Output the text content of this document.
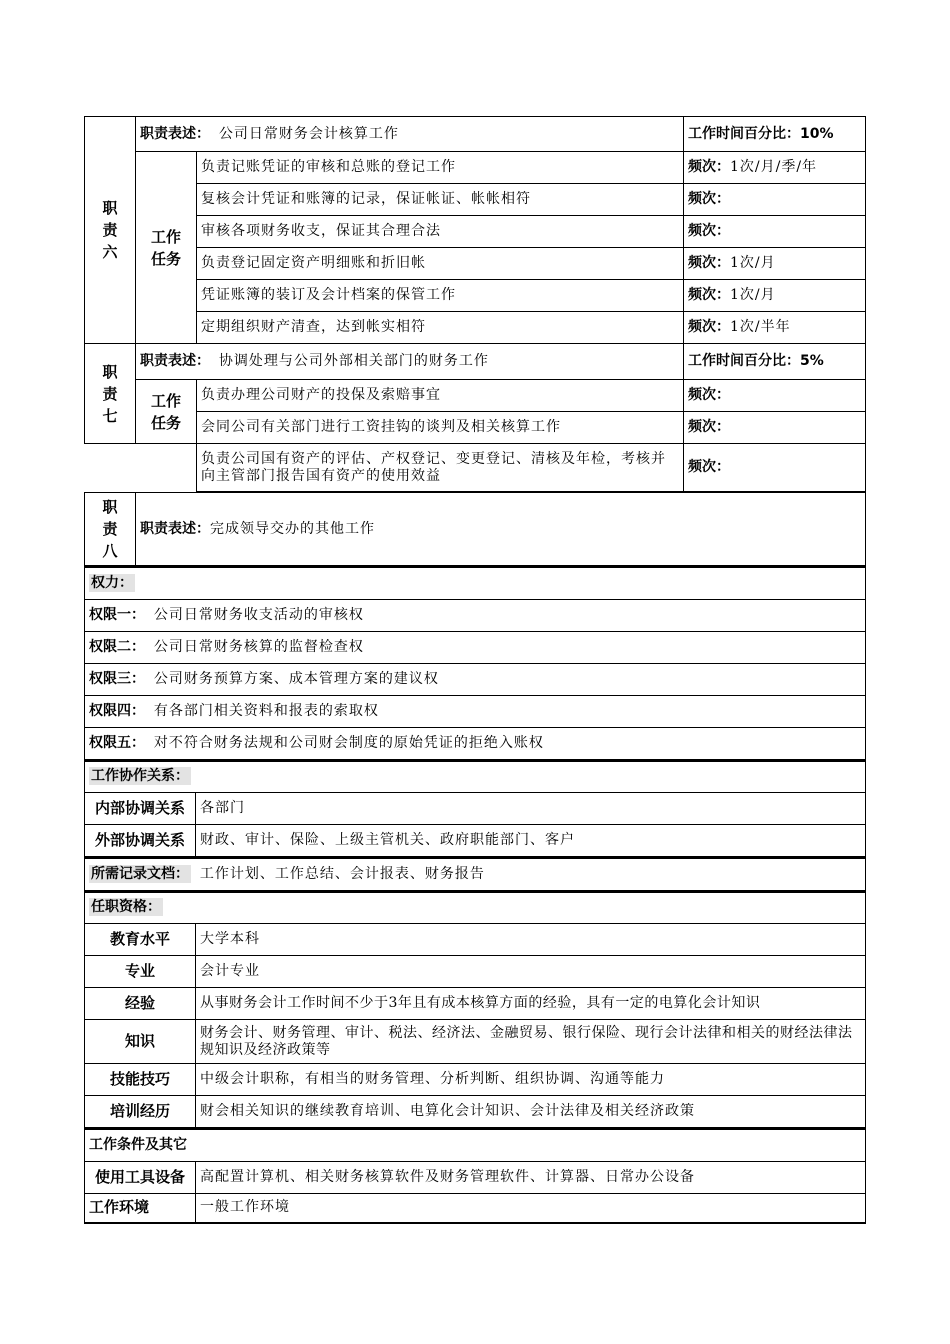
职
责
六	职责表述： 公司日常财务会计核算工作		工作时间百分比：10%
	工作
任务	负责记账凭证的审核和总账的登记工作	频次：1次/月/季/年
		复核会计凭证和账簿的记录，保证帐证、帐帐相符	频次：
		审核各项财务收支，保证其合理合法	频次：
		负责登记固定资产明细账和折旧帐	频次：1次/月
		凭证账簿的装订及会计档案的保管工作	频次：1次/月
		定期组织财产清查，达到帐实相符	频次：1次/半年
职
责
七	职责表述： 协调处理与公司外部相关部门的财务工作		工作时间百分比：5%
	工作
任务	负责办理公司财产的投保及索赔事宜	频次：
		会同公司有关部门进行工资挂钩的谈判及相关核算工作	频次：
		负责公司国有资产的评估、产权登记、变更登记、清核及年检，考核并向主管部门报告国有资产的使用效益	频次：
职
责
八	职责表述：完成领导交办的其他工作
权力：
权限一： 公司日常财务收支活动的审核权
权限二： 公司日常财务核算的监督检查权
权限三： 公司财务预算方案、成本管理方案的建议权
权限四： 有各部门相关资料和报表的索取权
权限五： 对不符合财务法规和公司财会制度的原始凭证的拒绝入账权
工作协作关系：	
内部协调关系	各部门
外部协调关系	财政、审计、保险、上级主管机关、政府职能部门、客户
所需记录文档： 工作计划、工作总结、会计报表、财务报告
任职资格：	
教育水平	大学本科
专业	会计专业
经验	从事财务会计工作时间不少于3年且有成本核算方面的经验，具有一定的电算化会计知识
知识	财务会计、财务管理、审计、税法、经济法、金融贸易、银行保险、现行会计法律和相关的财经法律法规知识及经济政策等
技能技巧	中级会计职称，有相当的财务管理、分析判断、组织协调、沟通等能力
培训经历	财会相关知识的继续教育培训、电算化会计知识、会计法律及相关经济政策
工作条件及其它	
使用工具设备	高配置计算机、相关财务核算软件及财务管理软件、计算器、日常办公设备
工作环境	一般工作环境
